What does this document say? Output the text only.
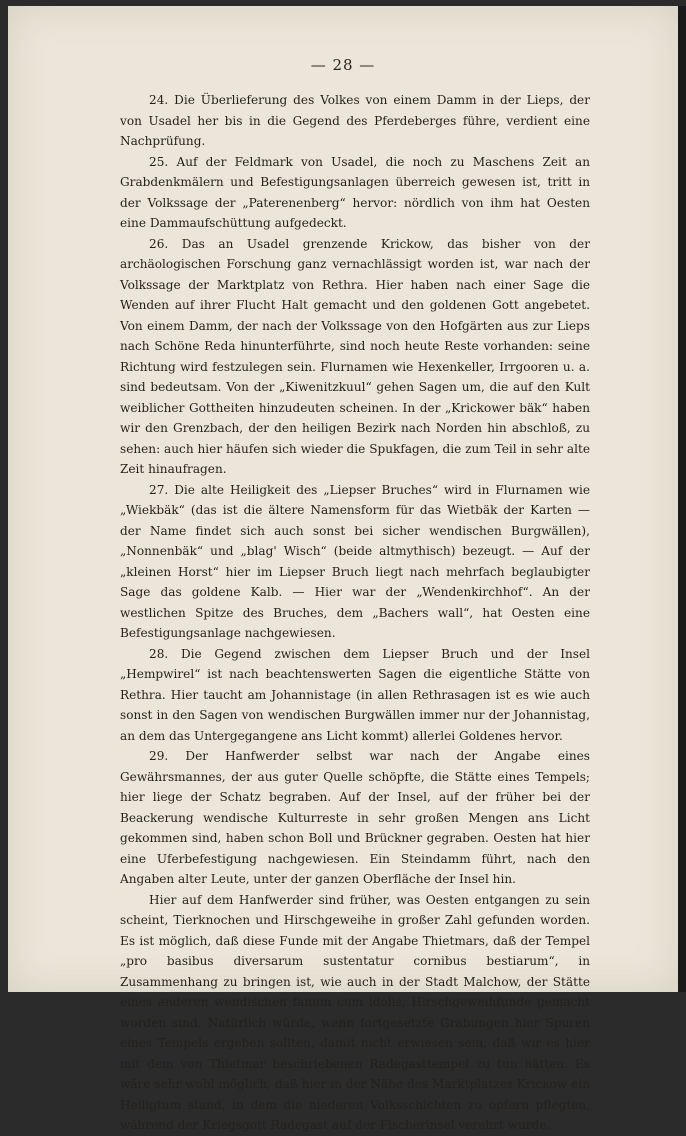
— 28 —

24. Die Überlieferung des Volkes von einem Damm in der Lieps, der von Usadel her bis in die Gegend des Pferdeberges führe, verdient eine Nachprüfung.

25. Auf der Feldmark von Usadel, die noch zu Maschens Zeit an Grabdenkmälern und Befestigungsanlagen überreich gewesen ist, tritt in der Volkssage der „Paterenenberg“ hervor: nördlich von ihm hat Oesten eine Dammaufschüttung aufgedeckt.

26. Das an Usadel grenzende Krickow, das bisher von der archäologischen Forschung ganz vernachlässigt worden ist, war nach der Volkssage der Marktplatz von Rethra. Hier haben nach einer Sage die Wenden auf ihrer Flucht Halt gemacht und den goldenen Gott angebetet. Von einem Damm, der nach der Volkssage von den Hofgärten aus zur Lieps nach Schöne Reda hinunterführte, sind noch heute Reste vorhanden: seine Richtung wird festzulegen sein. Flurnamen wie Hexenkeller, Irrgooren u. a. sind bedeutsam. Von der „Kiwenitzkuul“ gehen Sagen um, die auf den Kult weiblicher Gottheiten hinzudeuten scheinen. In der „Krickower bäk“ haben wir den Grenzbach, der den heiligen Bezirk nach Norden hin abschloß, zu sehen: auch hier häufen sich wieder die Spukfagen, die zum Teil in sehr alte Zeit hinaufragen.

27. Die alte Heiligkeit des „Liepser Bruches“ wird in Flurnamen wie „Wiekbäk“ (das ist die ältere Namensform für das Wietbäk der Karten — der Name findet sich auch sonst bei sicher wendischen Burgwällen), „Nonnenbäk“ und „blag' Wisch“ (beide altmythisch) bezeugt. — Auf der „kleinen Horst“ hier im Liepser Bruch liegt nach mehrfach beglaubigter Sage das goldene Kalb. — Hier war der „Wendenkirchhof“. An der westlichen Spitze des Bruches, dem „Bachers wall“, hat Oesten eine Befestigungsanlage nachgewiesen.

28. Die Gegend zwischen dem Liepser Bruch und der Insel „Hempwirel“ ist nach beachtenswerten Sagen die eigentliche Stätte von Rethra. Hier taucht am Johannistage (in allen Rethrasagen ist es wie auch sonst in den Sagen von wendischen Burgwällen immer nur der Johannistag, an dem das Untergegangene ans Licht kommt) allerlei Goldenes hervor.

29. Der Hanfwerder selbst war nach der Angabe eines Gewährsmannes, der aus guter Quelle schöpfte, die Stätte eines Tempels; hier liege der Schatz begraben. Auf der Insel, auf der früher bei der Beackerung wendische Kulturreste in sehr großen Mengen ans Licht gekommen sind, haben schon Boll und Brückner gegraben. Oesten hat hier eine Uferbefestigung nachgewiesen. Ein Steindamm führt, nach den Angaben alter Leute, unter der ganzen Oberfläche der Insel hin.

Hier auf dem Hanfwerder sind früher, was Oesten entgangen zu sein scheint, Tierknochen und Hirschgeweihe in großer Zahl gefunden worden. Es ist möglich, daß diese Funde mit der Angabe Thietmars, daß der Tempel „pro basibus diversarum sustentatur cornibus bestiarum“, in Zusammenhang zu bringen ist, wie auch in der Stadt Malchow, der Stätte eines anderen wendischen fanum cum idolis, Hirschgeweihfunde gemacht worden sind. Natürlich würde, wenn fortgesetzte Grabungen hier Spuren eines Tempels ergeben sollten, damit nicht erwiesen sein, daß wir es hier mit dem von Thietmar beschriebenen Radegasttempel zu tun hätten. Es wäre sehr wohl möglich, daß hier in der Nähe des Marktplatzes Krickow ein Heiligtum stand, in dem die niederen Volksschichten zu opfern pflegten, während der Kriegsgott Radegast auf der Fischerinsel verehrt wurde.
